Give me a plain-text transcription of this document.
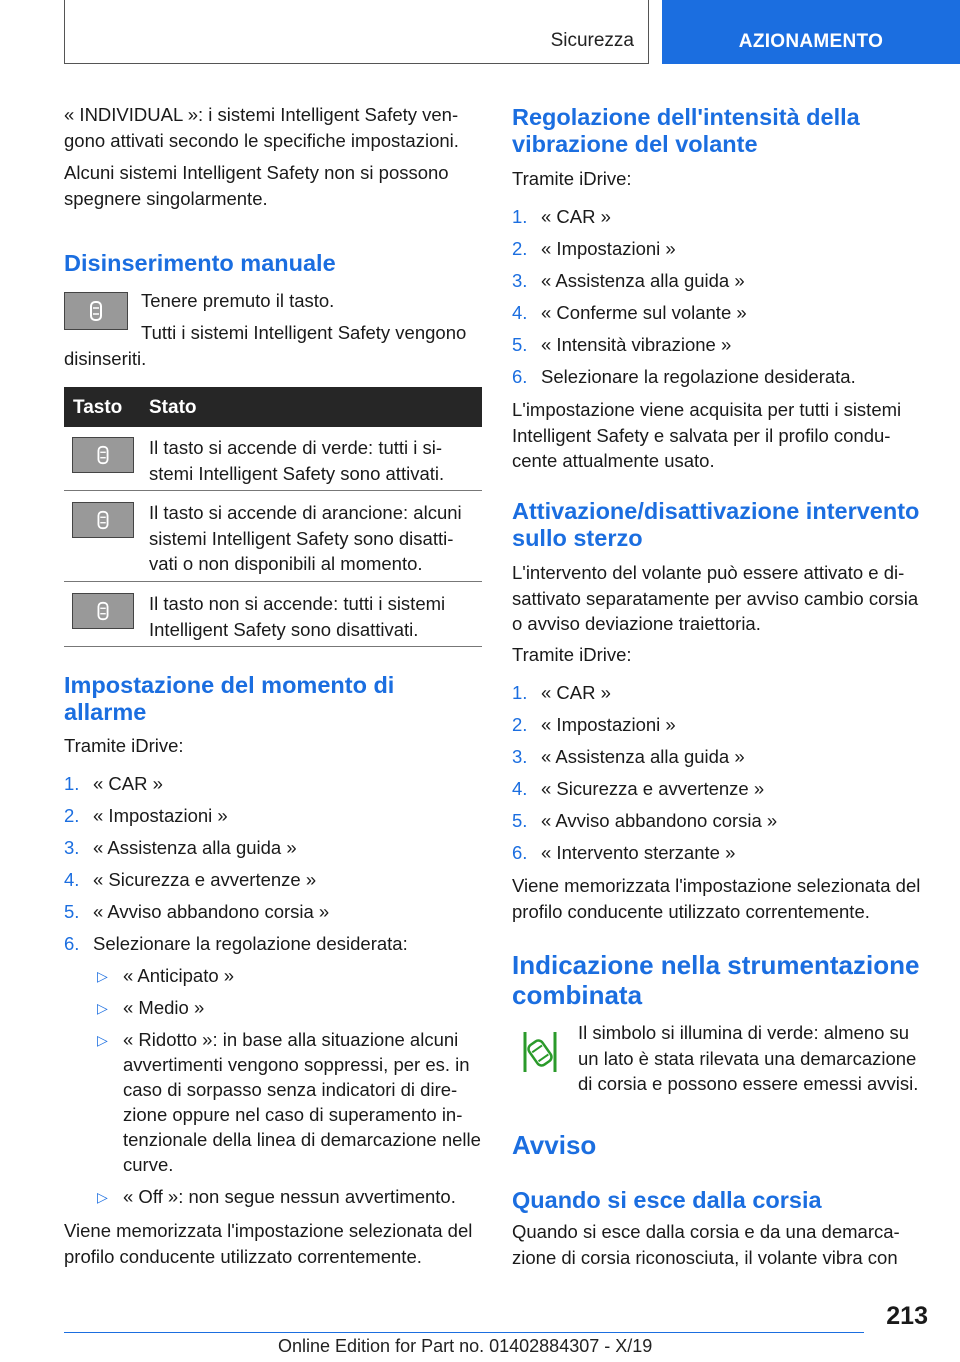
Sicurezza	AZIONAMENTO

« INDIVIDUAL »: i sistemi Intelligent Safety ven‐gono attivati secondo le specifiche impostazioni.

Alcuni sistemi Intelligent Safety non si possono spegnere singolarmente.

Disinserimento manuale

Tenere premuto il tasto.

Tutti i sistemi Intelligent Safety vengono disinseriti.

Tasto Stato
Il tasto si accende di verde: tutti i si‐stemi Intelligent Safety sono attivati.
Il tasto si accende di arancione: alcuni sistemi Intelligent Safety sono disatti‐vati o non disponibili al momento.
Il tasto non si accende: tutti i sistemi Intelligent Safety sono disattivati.
Impostazione del momento di allarme

Tramite iDrive:

1. « CAR »
2. « Impostazioni »
3. « Assistenza alla guida »
4. « Sicurezza e avvertenze »
5. « Avviso abbandono corsia »
6. Selezionare la regolazione desiderata:
▷ « Anticipato »
▷ « Medio »
▷ « Ridotto »: in base alla situazione alcuni avvertimenti vengono soppressi, per es. in caso di sorpasso senza indicatori di dire‐zione oppure nel caso di superamento in‐tenzionale della linea di demarcazione nelle curve.
▷ « Off »: non segue nessun avvertimento.

Viene memorizzata l'impostazione selezionata del profilo conducente utilizzato correntemente.

Regolazione dell'intensità della vibrazione del volante

Tramite iDrive:

1. « CAR »
2. « Impostazioni »
3. « Assistenza alla guida »
4. « Conferme sul volante »
5. « Intensità vibrazione »
6. Selezionare la regolazione desiderata.

L'impostazione viene acquisita per tutti i sistemi Intelligent Safety e salvata per il profilo condu‐cente attualmente usato.

Attivazione/disattivazione intervento sullo sterzo

L'intervento del volante può essere attivato e di‐sattivato separatamente per avviso cambio corsia o avviso deviazione traiettoria.

Tramite iDrive:

1. « CAR »
2. « Impostazioni »
3. « Assistenza alla guida »
4. « Sicurezza e avvertenze »
5. « Avviso abbandono corsia »
6. « Intervento sterzante »

Viene memorizzata l'impostazione selezionata del profilo conducente utilizzato correntemente.

Indicazione nella strumentazione combinata

Il simbolo si illumina di verde: almeno su un lato è stata rilevata una demarcazione di corsia e possono essere emessi avvisi.

Avviso
Quando si esce dalla corsia

Quando si esce dalla corsia e da una demarca‐zione di corsia riconosciuta, il volante vibra con

213
Online Edition for Part no. 01402884307 - X/19
